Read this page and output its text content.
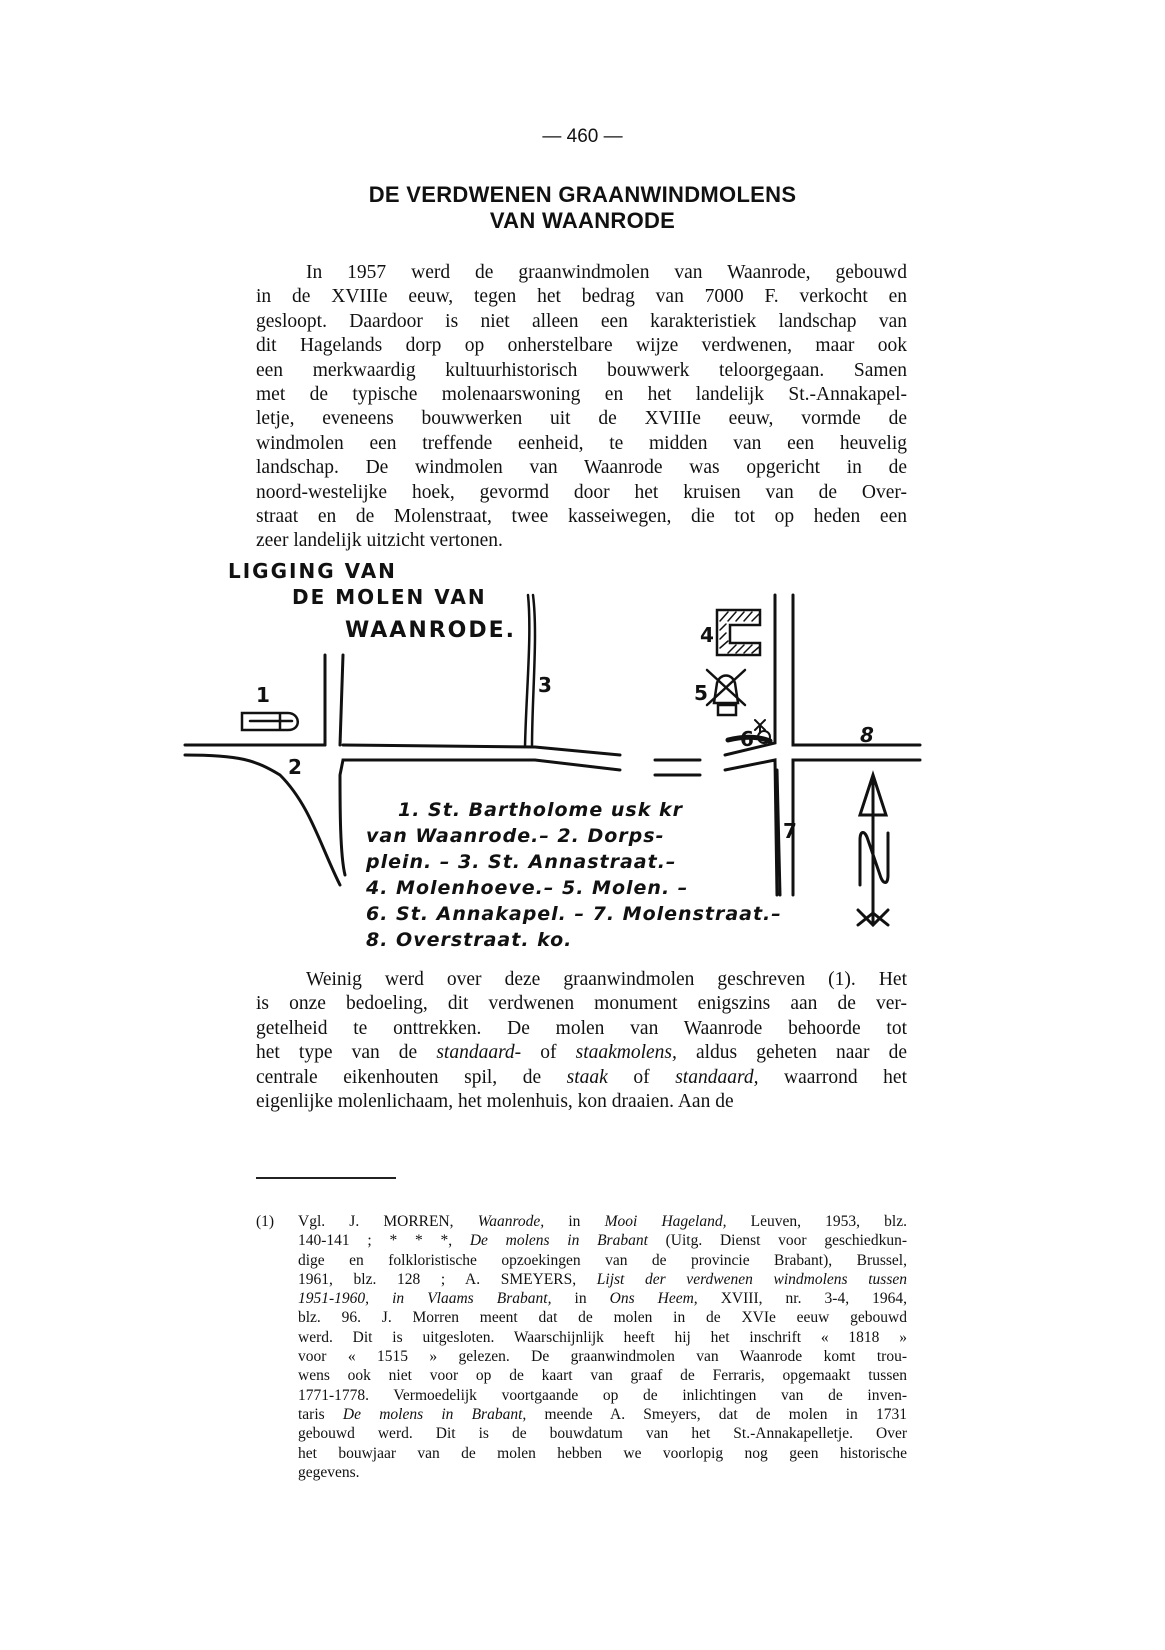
— 460 —
DE VERDWENEN GRAANWINDMOLENS
VAN WAANRODE
In 1957 werd de graanwindmolen van Waanrode, gebouwd
in de XVIIIe eeuw, tegen het bedrag van 7000 F. verkocht en
gesloopt. Daardoor is niet alleen een karakteristiek landschap van
dit Hagelands dorp op onherstelbare wijze verdwenen, maar ook
een merkwaardig kultuurhistorisch bouwwerk teloorgegaan. Samen
met de typische molenaarswoning en het landelijk St.-Annakapel-
letje, eveneens bouwwerken uit de XVIIIe eeuw, vormde de
windmolen een treffende eenheid, te midden van een heuvelig
landschap. De windmolen van Waanrode was opgericht in de
noord-westelijke hoek, gevormd door het kruisen van de Over-
straat en de Molenstraat, twee kasseiwegen, die tot op heden een
zeer landelijk uitzicht vertonen.
LIGGING VAN
DE MOLEN VAN
WAANRODE.
1
2
3
4
5
6
7
8
1. St. Bartholome usk kr
van Waanrode.– 2. Dorps-
plein. – 3. St. Annastraat.–
4. Molenhoeve.– 5. Molen. –
6. St. Annakapel. – 7. Molenstraat.–
8. Overstraat. ko.
Weinig werd over deze graanwindmolen geschreven (1). Het
is onze bedoeling, dit verdwenen monument enigszins aan de ver-
getelheid te onttrekken. De molen van Waanrode behoorde tot
het type van de standaard- of staakmolens, aldus geheten naar de
centrale eikenhouten spil, de staak of standaard, waarrond het
eigenlijke molenlichaam, het molenhuis, kon draaien. Aan de
(1) Vgl. J. MORREN, Waanrode, in Mooi Hageland, Leuven, 1953, blz.
140-141 ; * * *, De molens in Brabant (Uitg. Dienst voor geschiedkun-
dige en folkloristische opzoekingen van de provincie Brabant), Brussel,
1961, blz. 128 ; A. SMEYERS, Lijst der verdwenen windmolens tussen
1951-1960, in Vlaams Brabant, in Ons Heem, XVIII, nr. 3-4, 1964,
blz. 96. J. Morren meent dat de molen in de XVIe eeuw gebouwd
werd. Dit is uitgesloten. Waarschijnlijk heeft hij het inschrift « 1818 »
voor « 1515 » gelezen. De graanwindmolen van Waanrode komt trou-
wens ook niet voor op de kaart van graaf de Ferraris, opgemaakt tussen
1771-1778. Vermoedelijk voortgaande op de inlichtingen van de inven-
taris De molens in Brabant, meende A. Smeyers, dat de molen in 1731
gebouwd werd. Dit is de bouwdatum van het St.-Annakapelletje. Over
het bouwjaar van de molen hebben we voorlopig nog geen historische
gegevens.
